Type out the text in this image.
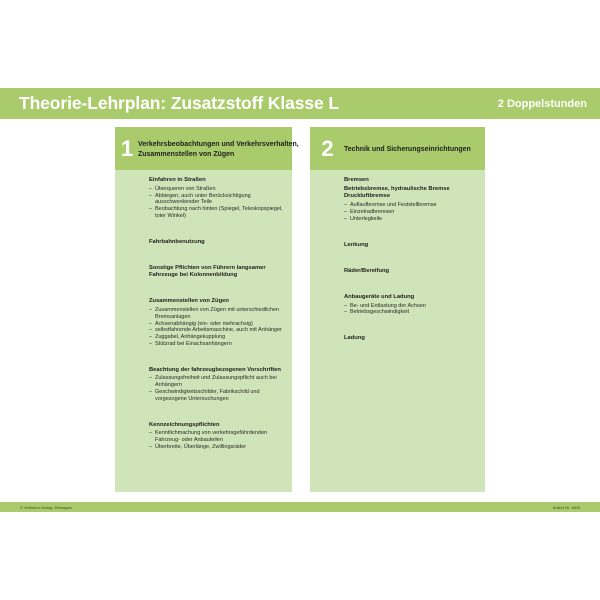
Theorie-Lehrplan: Zusatzstoff Klasse L	2 Doppelstunden
1 Verkehrsbeobachtungen und Verkehrsverhalten,
Zusammenstellen von Zügen
Einfahren in Straßen
– Überqueren von Straßen
– Abbiegen, auch unter Berücksichtigung ausschwenkender Teile
– Beobachtung nach hinten (Spiegel, Teleskopspiegel, toter Winkel)
Fahrbahnbenutzung
Sonstige Pflichten von Führern langsamer Fahrzeuge bei Kolonnenbildung
Zusammenstellen von Zügen
– Zusammenstellen von Zügen mit unterschiedlichen Bremsanlagen
– Achsenabhängig (ein- oder mehrachsig)
– selbstfahrende Arbeitsmaschine, auch mit Anhänger
– Zuggabel, Anhängekupplung
– Stützrad bei Einachsanhängern
Beachtung der fahrzeugbezogenen Vorschriften
– Zulassungsfreiheit und Zulassungspflicht auch bei Anhängern
– Geschwindigkeitsschilder, Fabrikschild und vorgezogene Untersuchungen
Kennzeichnungspflichten
– Kenntlichmachung von verkehrsgefährdenden Fahrzeug- oder Anbauteilen
– Überbreite, Überlänge, Zwillingsräder
2	Technik und Sicherungseinrichtungen
Bremsen
Betriebsbremse, hydraulische Bremse Druckluftbremse
– Auflaufbremse und Feststellbremse
– Einzelradbremsen
– Unterlegkeile
Lenkung
Räder/Bereifung
Anbaugeräte und Ladung
– Be- und Entlastung der Achsen
– Betriebsgeschwindigkeit
Ladung
© Verkehrs-Verlag, Remagen	Artikel Nr. 1605
